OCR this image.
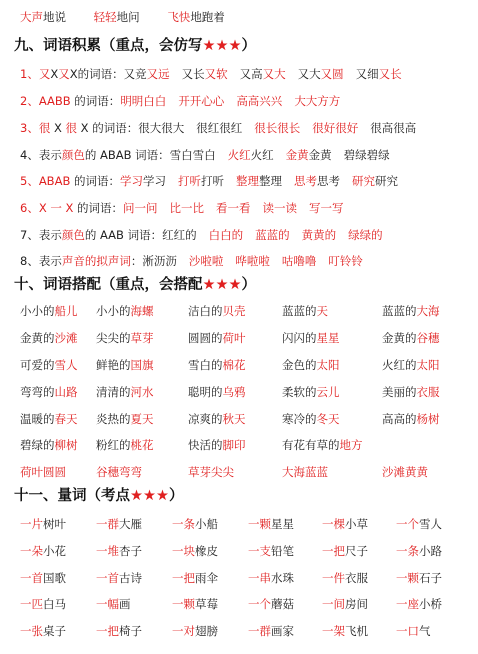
大声地说 轻轻地问 飞快地跑着
九、词语积累（重点，会仿写★★★）
1、又X又X的词语：又竞又远 又长又软 又高又大 又大又圆 又细又长
2、AABB 的词语：明明白白 开开心心 高高兴兴 大大方方
3、很 X 很 X 的词语：很大很大 很红很红 很长很长 很好很好 很高很高
4、表示颜色的 ABAB 词语：雪白雪白 火红火红 金黄金黄 碧绿碧绿
5、ABAB 的词语：学习学习 打听打听 整理整理 思考思考 研究研究
6、X 一 X 的词语：问一问 比一比 看一看 读一读 写一写
7、表示颜色的 AAB 词语：红红的 白白的 蓝蓝的 黄黄的 绿绿的
8、表示声音的拟声词：淅沥沥 沙啦啦 哗啦啦 咕噜噜 叮铃铃
十、词语搭配（重点，会搭配★★★）
小小的船儿 小小的海螺	洁白的贝壳	蓝蓝的天	蓝蓝的大海
金黄的沙滩 尖尖的草芽	圆圆的荷叶	闪闪的星星	金黄的谷穗
可爱的雪人 鲜艳的国旗	雪白的棉花	金色的太阳	火红的太阳
弯弯的山路 清清的河水	聪明的乌鸦	柔软的云儿	美丽的衣服
温暖的春天 炎热的夏天	凉爽的秋天	寒冷的冬天	高高的杨树
碧绿的柳树 粉红的桃花	快活的脚印	有花有草的地方
荷叶圆圆	谷穗弯弯	草芽尖尖	大海蓝蓝	沙滩黄黄
十一、量词（考点★★★）
一片树叶	一群大雁	一条小船	一颗星星 一棵小草 一个雪人
一朵小花	一堆杏子	一块橡皮	一支铅笔 一把尺子 一条小路
一首国歌	一首古诗	一把雨伞	一串水珠 一件衣服 一颗石子
一匹白马	一幅画	一颗草莓	一个蘑菇 一间房间 一座小桥
一张桌子	一把椅子	一对翅膀	一群画家 一架飞机 一口气
